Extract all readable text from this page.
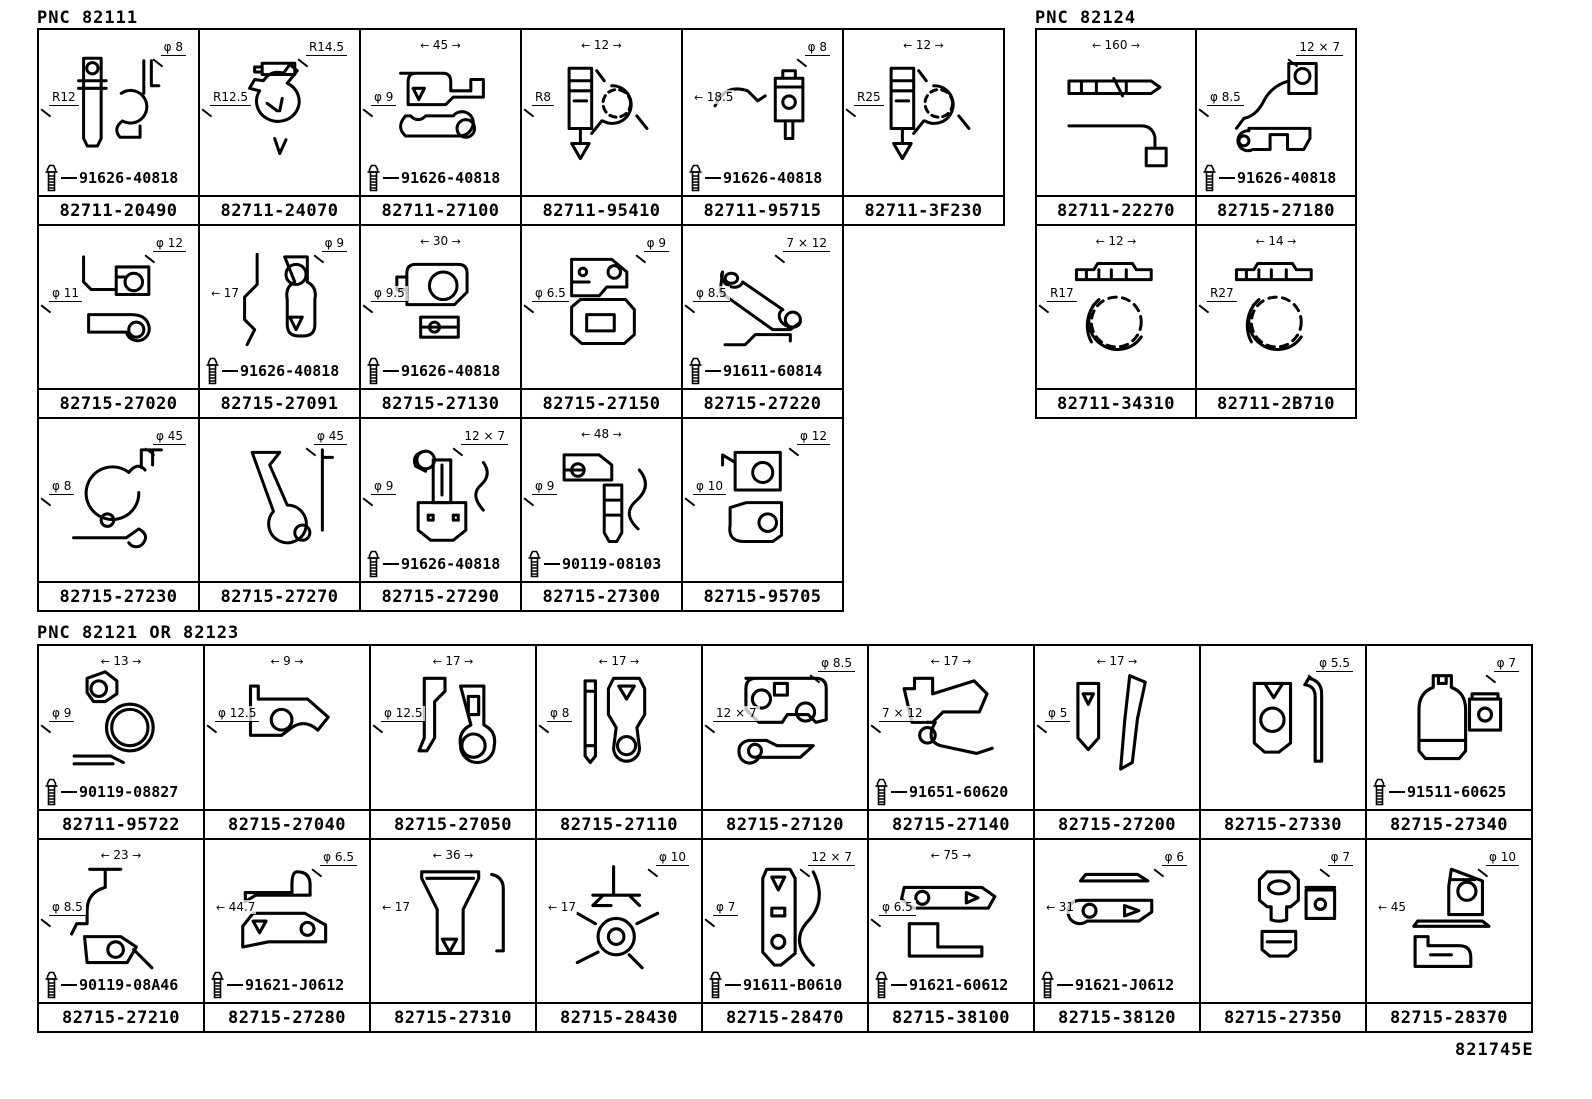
PNC 82111	PNC 82124
PNC 82121 OR 82123
φ 8
R12
91626-40818
82711-20490
R14.5
R12.5
82711-24070
← 45 →
φ 9
91626-40818
82711-27100
← 12 →
R8
82711-95410
φ 8
← 18.5
91626-40818
82711-95715
← 12 →
R25
82711-3F230
φ 12
φ 11
82715-27020
φ 9
← 17
91626-40818
82715-27091
← 30 →
φ 9.5
91626-40818
82715-27130
φ 9
φ 6.5
82715-27150
7 × 12
φ 8.5
91611-60814
82715-27220
φ 45
φ 8
82715-27230
φ 45
82715-27270
12 × 7
φ 9
91626-40818
82715-27290
← 48 →
φ 9
90119-08103
82715-27300
φ 12
φ 10
82715-95705
← 160 →
82711-22270
12 × 7
φ 8.5
91626-40818
82715-27180
← 12 →
R17
82711-34310
← 14 →
R27
82711-2B710
← 13 →
φ 9
90119-08827
82711-95722
← 9 →
φ 12.5
82715-27040
← 17 →
φ 12.5
82715-27050
← 17 →
φ 8
82715-27110
φ 8.5
12 × 7
82715-27120
← 17 →
7 × 12
91651-60620
82715-27140
← 17 →
φ 5
82715-27200
φ 5.5
82715-27330
φ 7
91511-60625
82715-27340
← 23 →
φ 8.5
90119-08A46
82715-27210
φ 6.5
← 44.7
91621-J0612
82715-27280
← 36 →
← 17
82715-27310
φ 10
← 17
82715-28430
12 × 7
φ 7
91611-B0610
82715-28470
← 75 →
φ 6.5
91621-60612
82715-38100
φ 6
← 31
91621-J0612
82715-38120
φ 7
82715-27350
φ 10
← 45
82715-28370
821745E
